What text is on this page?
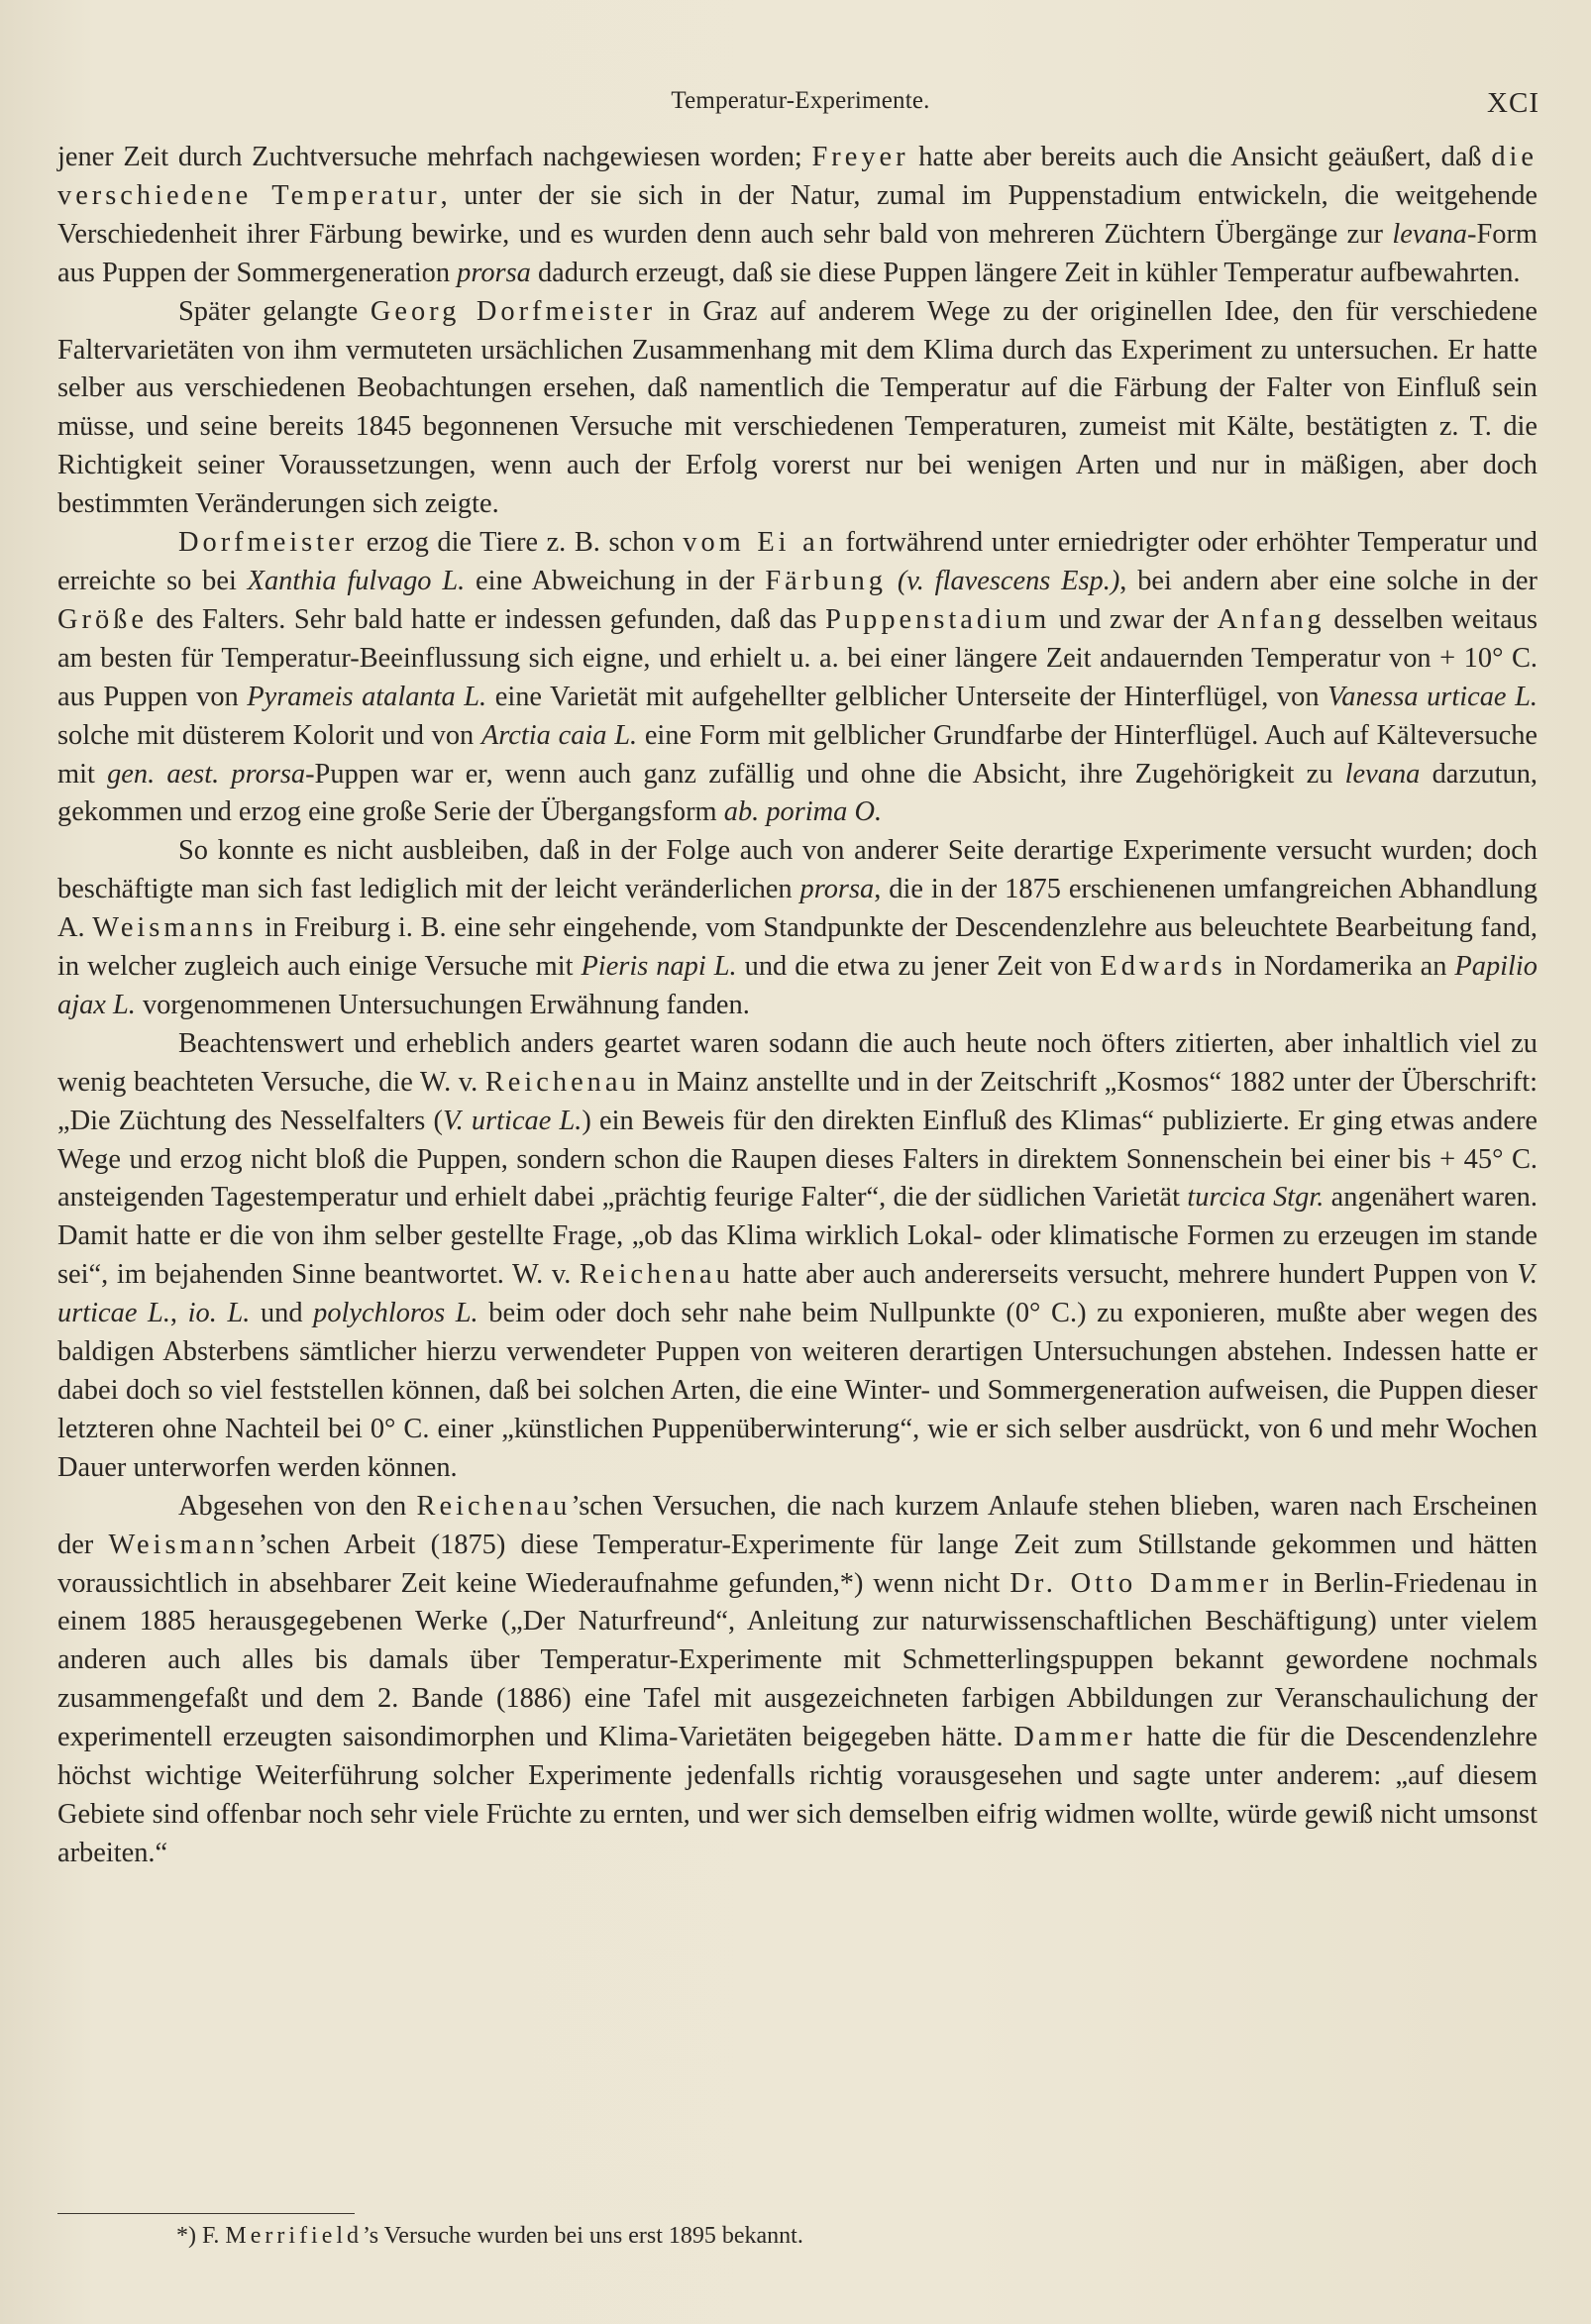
Temperatur-Experimente.	XCI

jener Zeit durch Zuchtversuche mehrfach nachgewiesen worden; Freyer hatte aber bereits auch die Ansicht geäußert, daß die verschiedene Temperatur, unter der sie sich in der Natur, zumal im Puppenstadium entwickeln, die weitgehende Verschiedenheit ihrer Färbung bewirke, und es wurden denn auch sehr bald von mehreren Züchtern Übergänge zur levana-Form aus Puppen der Sommergeneration prorsa dadurch erzeugt, daß sie diese Puppen längere Zeit in kühler Temperatur aufbewahrten.

Später gelangte Georg Dorfmeister in Graz auf anderem Wege zu der originellen Idee, den für verschiedene Faltervarietäten von ihm vermuteten ursächlichen Zusammenhang mit dem Klima durch das Experiment zu untersuchen. Er hatte selber aus verschiedenen Beobachtungen ersehen, daß namentlich die Temperatur auf die Färbung der Falter von Einfluß sein müsse, und seine bereits 1845 begonnenen Versuche mit verschiedenen Temperaturen, zumeist mit Kälte, bestätigten z. T. die Richtigkeit seiner Voraussetzungen, wenn auch der Erfolg vorerst nur bei wenigen Arten und nur in mäßigen, aber doch bestimmten Veränderungen sich zeigte.

Dorfmeister erzog die Tiere z. B. schon vom Ei an fortwährend unter erniedrigter oder erhöhter Temperatur und erreichte so bei Xanthia fulvago L. eine Abweichung in der Färbung (v. flavescens Esp.), bei andern aber eine solche in der Größe des Falters. Sehr bald hatte er indessen gefunden, daß das Puppenstadium und zwar der Anfang desselben weitaus am besten für Temperatur-Beeinflussung sich eigne, und erhielt u. a. bei einer längere Zeit andauernden Temperatur von + 10° C. aus Puppen von Pyrameis atalanta L. eine Varietät mit aufgehellter gelblicher Unterseite der Hinterflügel, von Vanessa urticae L. solche mit düsterem Kolorit und von Arctia caia L. eine Form mit gelblicher Grundfarbe der Hinterflügel. Auch auf Kälteversuche mit gen. aest. prorsa-Puppen war er, wenn auch ganz zufällig und ohne die Absicht, ihre Zugehörigkeit zu levana darzutun, gekommen und erzog eine große Serie der Übergangsform ab. porima O.

So konnte es nicht ausbleiben, daß in der Folge auch von anderer Seite derartige Experimente versucht wurden; doch beschäftigte man sich fast lediglich mit der leicht veränderlichen prorsa, die in der 1875 erschienenen umfangreichen Abhandlung A. Weismanns in Freiburg i. B. eine sehr eingehende, vom Standpunkte der Descendenzlehre aus beleuchtete Bearbeitung fand, in welcher zugleich auch einige Versuche mit Pieris napi L. und die etwa zu jener Zeit von Edwards in Nordamerika an Papilio ajax L. vorgenommenen Untersuchungen Erwähnung fanden.

Beachtenswert und erheblich anders geartet waren sodann die auch heute noch öfters zitierten, aber inhaltlich viel zu wenig beachteten Versuche, die W. v. Reichenau in Mainz anstellte und in der Zeitschrift „Kosmos“ 1882 unter der Überschrift: „Die Züchtung des Nesselfalters (V. urticae L.) ein Beweis für den direkten Einfluß des Klimas“ publizierte. Er ging etwas andere Wege und erzog nicht bloß die Puppen, sondern schon die Raupen dieses Falters in direktem Sonnenschein bei einer bis + 45° C. ansteigenden Tagestemperatur und erhielt dabei „prächtig feurige Falter“, die der südlichen Varietät turcica Stgr. angenähert waren. Damit hatte er die von ihm selber gestellte Frage, „ob das Klima wirklich Lokal- oder klimatische Formen zu erzeugen im stande sei“, im bejahenden Sinne beantwortet. W. v. Reichenau hatte aber auch andererseits versucht, mehrere hundert Puppen von V. urticae L., io. L. und polychloros L. beim oder doch sehr nahe beim Nullpunkte (0° C.) zu exponieren, mußte aber wegen des baldigen Absterbens sämtlicher hierzu verwendeter Puppen von weiteren derartigen Untersuchungen abstehen. Indessen hatte er dabei doch so viel feststellen können, daß bei solchen Arten, die eine Winter- und Sommergeneration aufweisen, die Puppen dieser letzteren ohne Nachteil bei 0° C. einer „künstlichen Puppenüberwinterung“, wie er sich selber ausdrückt, von 6 und mehr Wochen Dauer unterworfen werden können.

Abgesehen von den Reichenau’schen Versuchen, die nach kurzem Anlaufe stehen blieben, waren nach Erscheinen der Weismann’schen Arbeit (1875) diese Temperatur-Experimente für lange Zeit zum Stillstande gekommen und hätten voraussichtlich in absehbarer Zeit keine Wiederaufnahme gefunden,*) wenn nicht Dr. Otto Dammer in Berlin-Friedenau in einem 1885 herausgegebenen Werke („Der Naturfreund“, Anleitung zur naturwissenschaftlichen Beschäftigung) unter vielem anderen auch alles bis damals über Temperatur-Experimente mit Schmetterlingspuppen bekannt gewordene nochmals zusammengefaßt und dem 2. Bande (1886) eine Tafel mit ausgezeichneten farbigen Abbildungen zur Veranschaulichung der experimentell erzeugten saisondimorphen und Klima-Varietäten beigegeben hätte. Dammer hatte die für die Descendenzlehre höchst wichtige Weiterführung solcher Experimente jedenfalls richtig vorausgesehen und sagte unter anderem: „auf diesem Gebiete sind offenbar noch sehr viele Früchte zu ernten, und wer sich demselben eifrig widmen wollte, würde gewiß nicht umsonst arbeiten.“

*) F. Merrifield’s Versuche wurden bei uns erst 1895 bekannt.
